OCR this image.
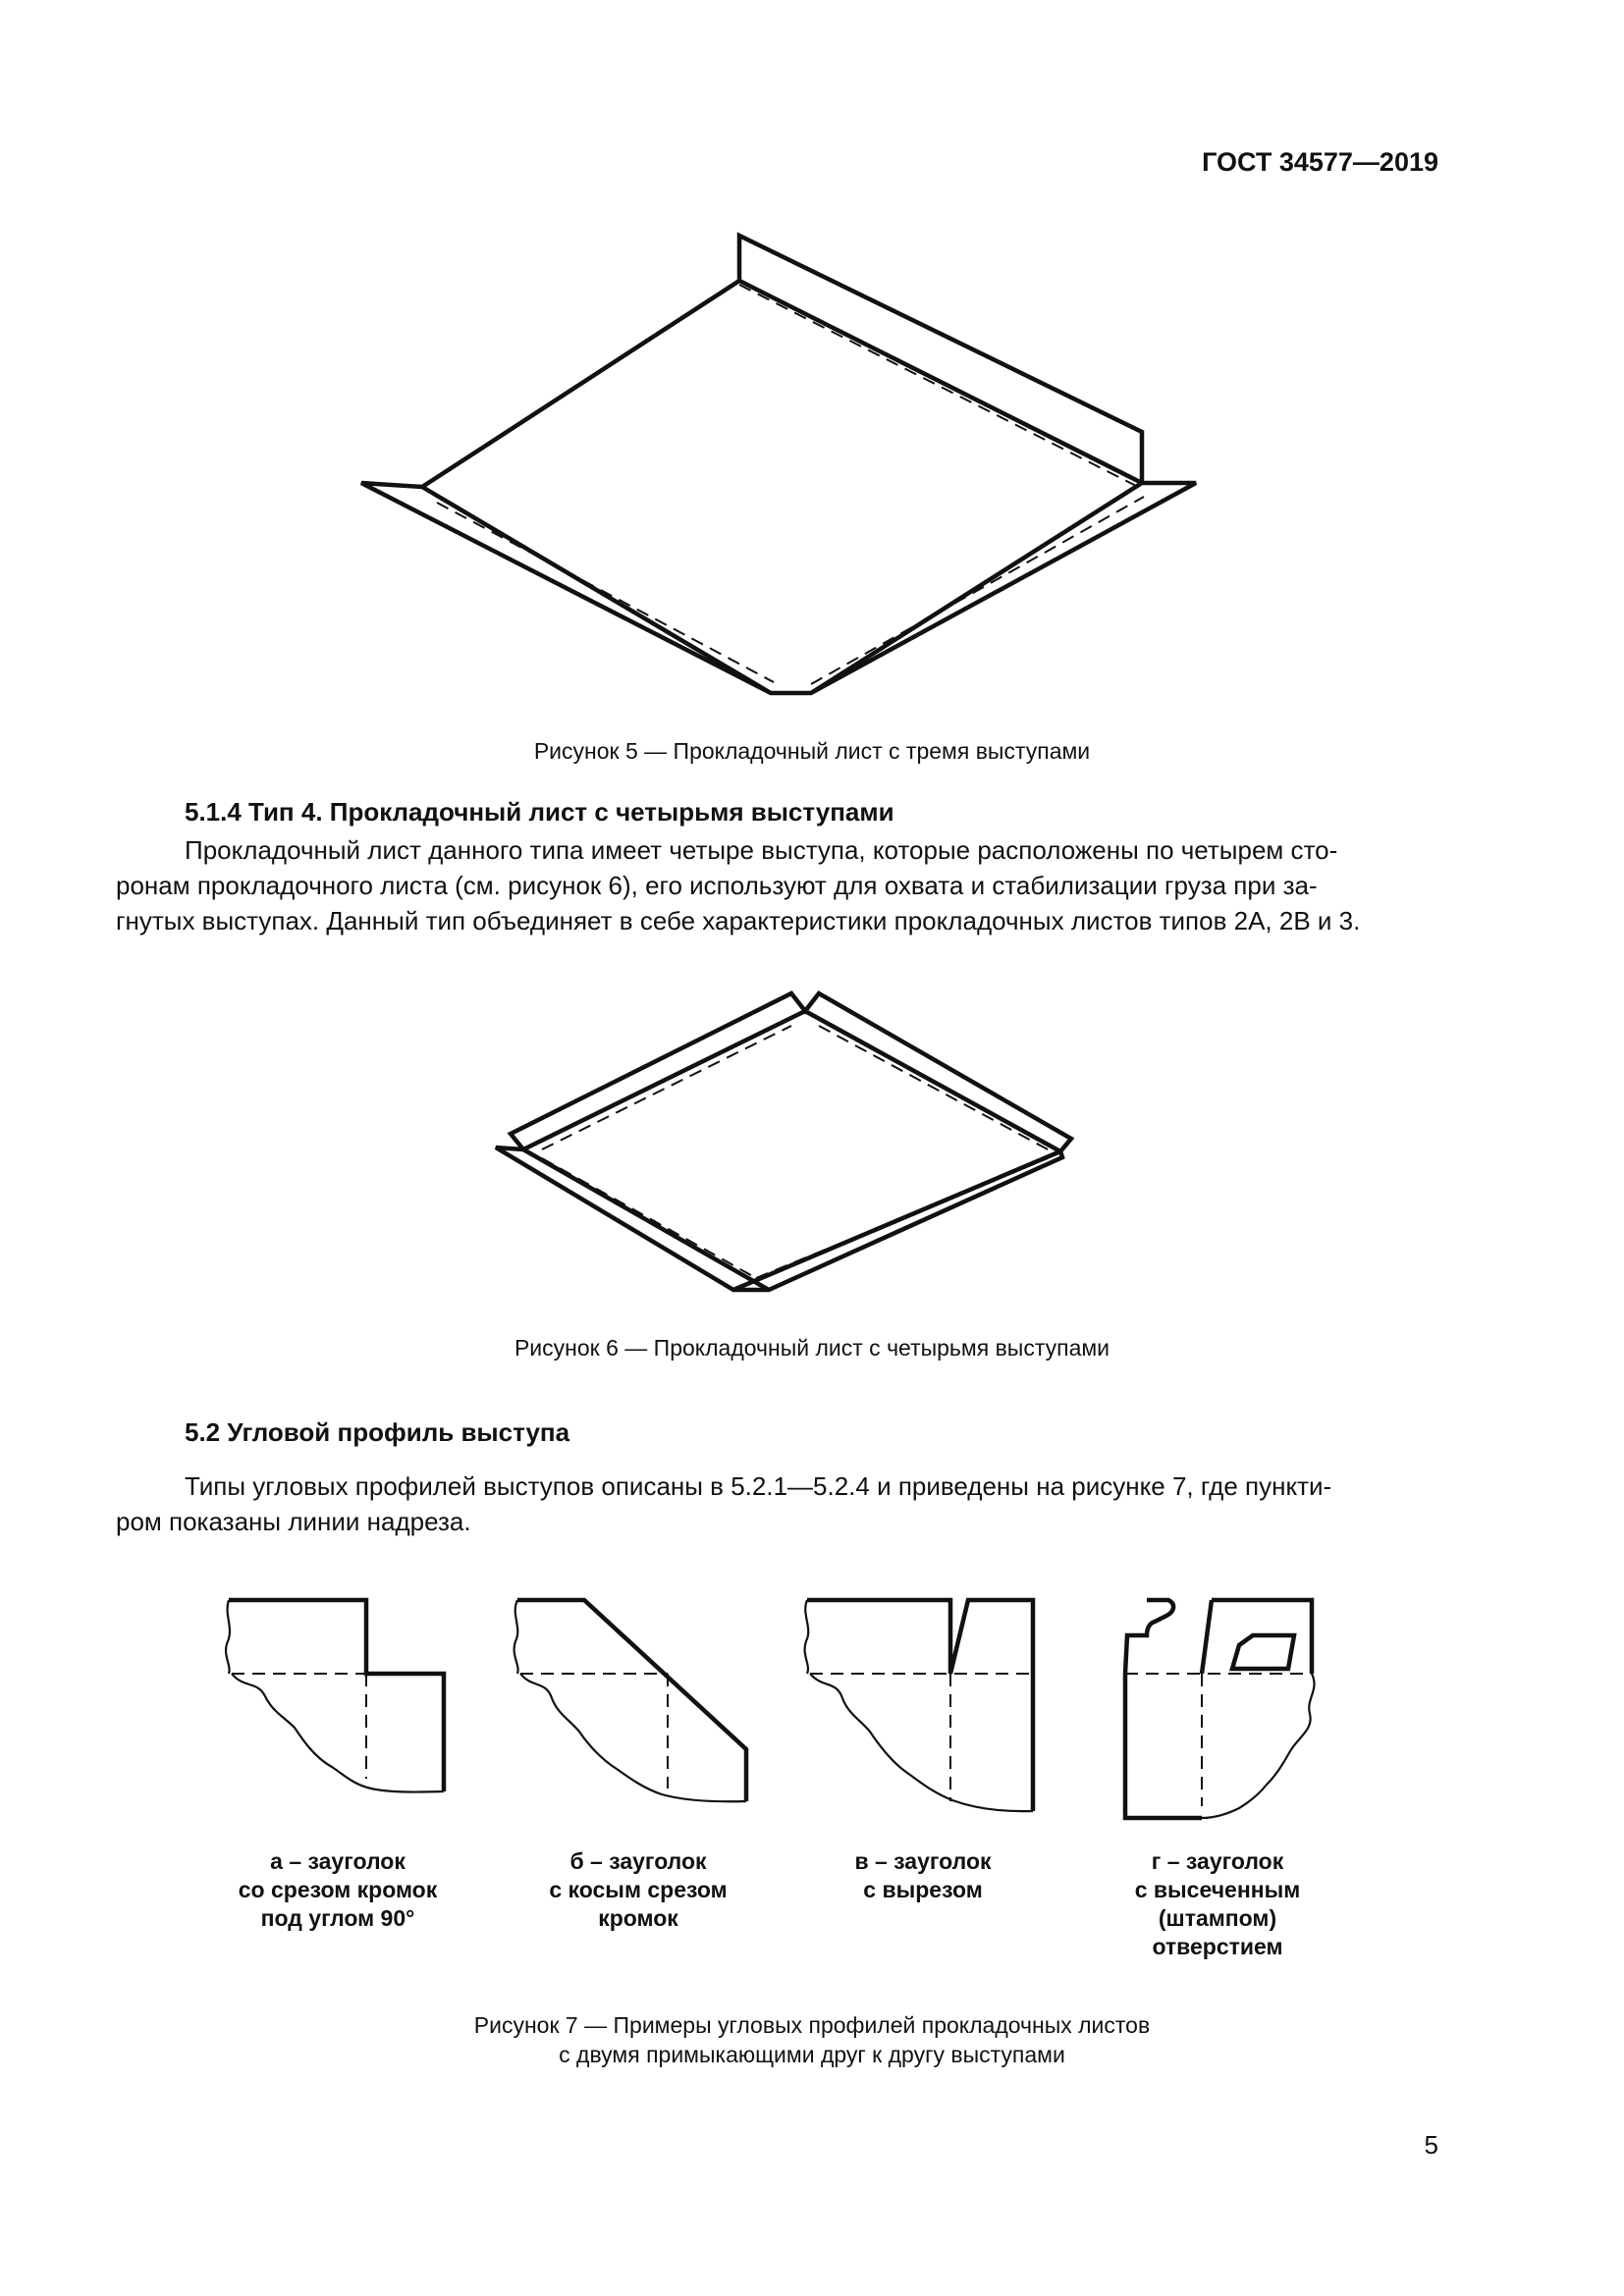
ГОСТ 34577—2019
Рисунок 5 — Прокладочный лист с тремя выступами
5.1.4 Тип 4. Прокладочный лист с четырьмя выступами
Прокладочный лист данного типа имеет четыре выступа, которые расположены по четырем сто-
ронам прокладочного листа (см. рисунок 6), его используют для охвата и стабилизации груза при за-
гнутых выступах. Данный тип объединяет в себе характеристики прокладочных листов типов 2А, 2В и 3.
Рисунок 6 — Прокладочный лист с четырьмя выступами
5.2 Угловой профиль выступа
Типы угловых профилей выступов описаны в 5.2.1—5.2.4 и приведены на рисунке 7, где пункти-
ром показаны линии надреза.
а – зауголок
со срезом кромок
под углом 90°
б – зауголок
с косым срезом
кромок
в – зауголок
с вырезом
г – зауголок
с высеченным
(штампом)
отверстием
Рисунок 7 — Примеры угловых профилей прокладочных листов
с двумя примыкающими друг к другу выступами
5
